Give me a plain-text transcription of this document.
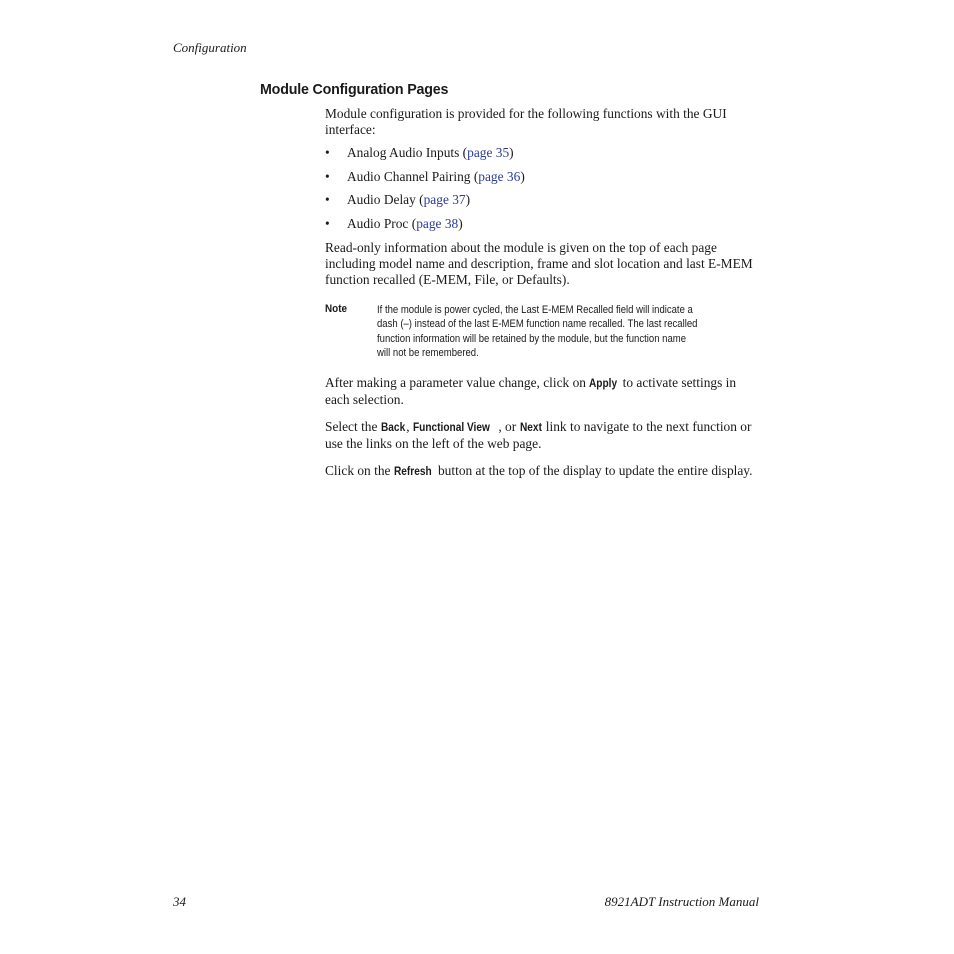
Configuration
Module Configuration Pages

Module configuration is provided for the following functions with the GUI interface:

• Analog Audio Inputs (page 35)
• Audio Channel Pairing (page 36)
• Audio Delay (page 37)
• Audio Proc (page 38)

Read-only information about the module is given on the top of each page including model name and description, frame and slot location and last E-MEM function recalled (E-MEM, File, or Defaults).

Note	If the module is power cycled, the Last E-MEM Recalled field will indicate a
dash (–) instead of the last E-MEM function name recalled. The last recalled
function information will be retained by the module, but the function name
will not be remembered.

After making a parameter value change, click on Apply to activate settings in each selection.

Select the Back, Functional View , or Next link to navigate to the next function or use the links on the left of the web page.

Click on the Refresh button at the top of the display to update the entire display.

34	8921ADT Instruction Manual
